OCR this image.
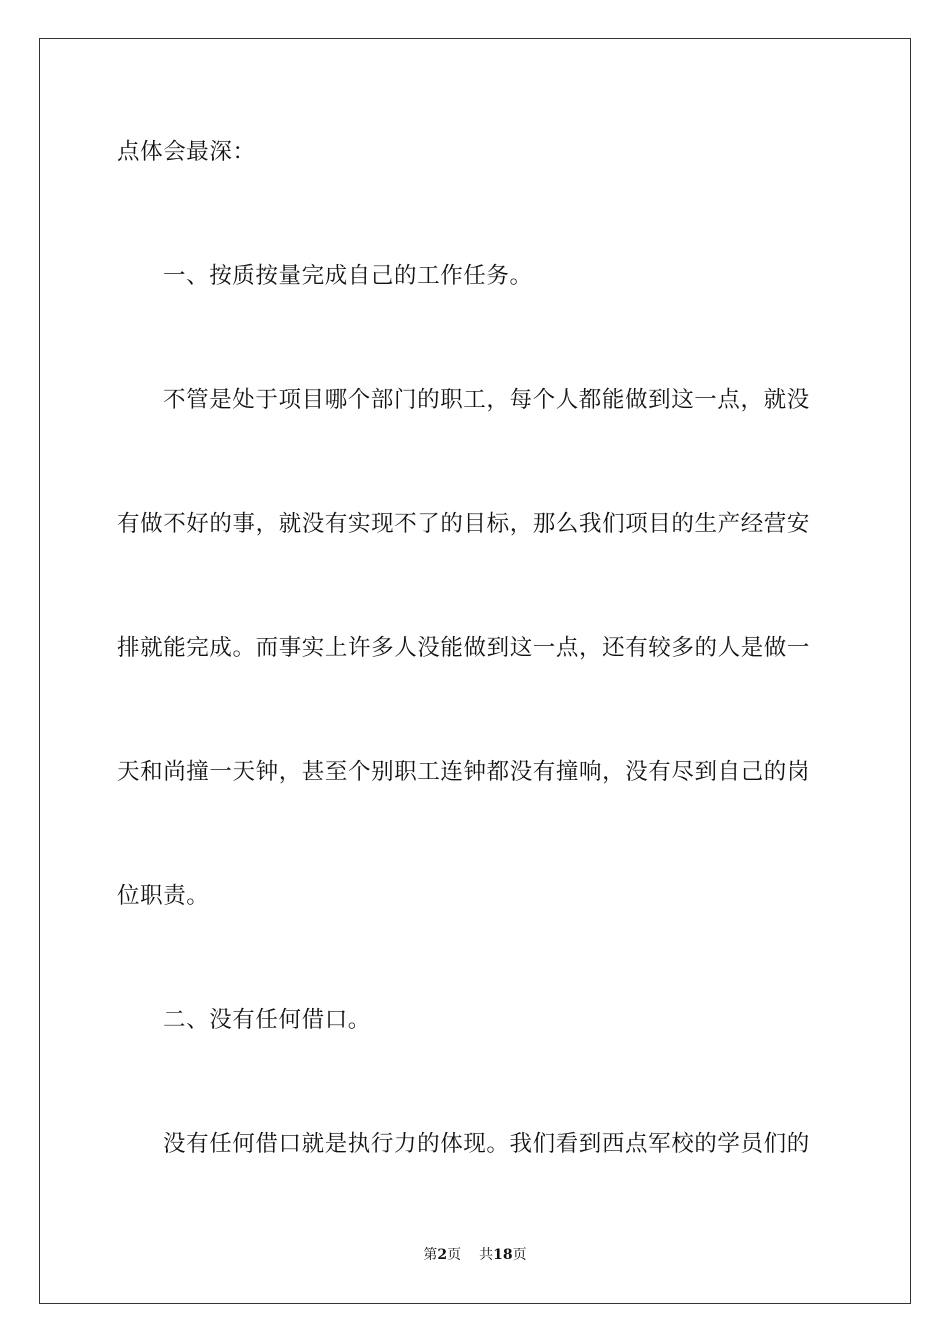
点体会最深：
一、按质按量完成自己的工作任务。
不管是处于项目哪个部门的职工，每个人都能做到这一点，就没
有做不好的事，就没有实现不了的目标，那么我们项目的生产经营安
排就能完成。而事实上许多人没能做到这一点，还有较多的人是做一
天和尚撞一天钟，甚至个别职工连钟都没有撞响，没有尽到自己的岗
位职责。
二、没有任何借口。
没有任何借口就是执行力的体现。我们看到西点军校的学员们的
第2页 共18页
